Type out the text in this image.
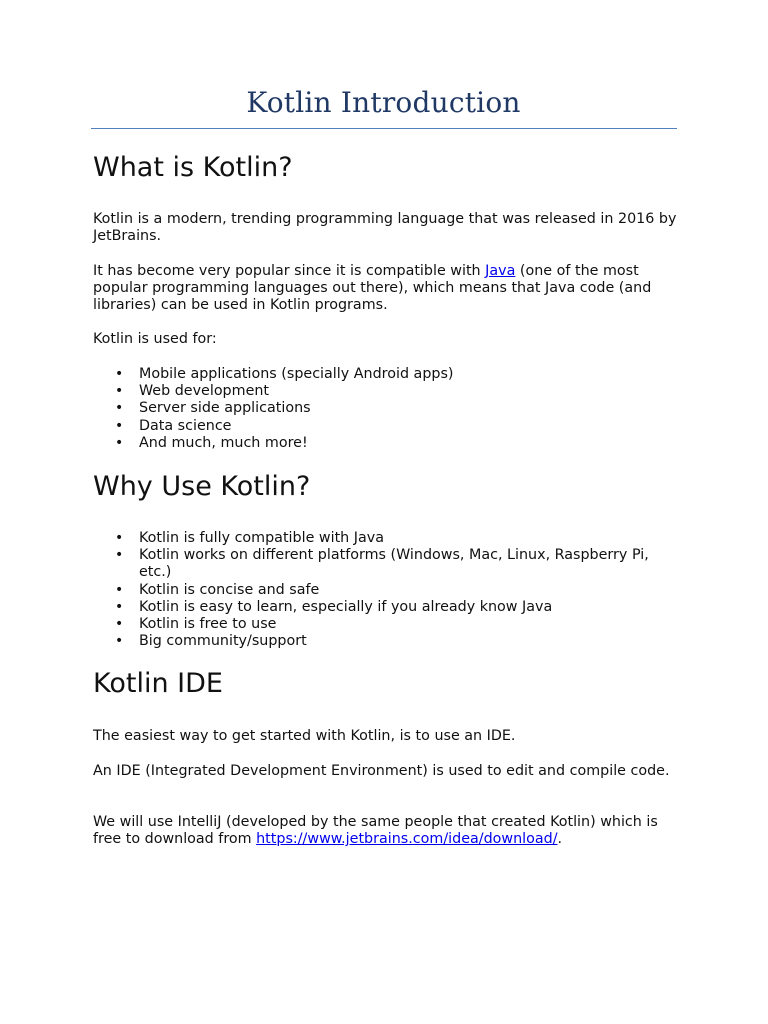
Kotlin Introduction
What is Kotlin?

Kotlin is a modern, trending programming language that was released in 2016 by JetBrains.

It has become very popular since it is compatible with Java (one of the most popular programming languages out there), which means that Java code (and libraries) can be used in Kotlin programs.

Kotlin is used for:

• Mobile applications (specially Android apps)
• Web development
• Server side applications
• Data science
• And much, much more!
Why Use Kotlin?
• Kotlin is fully compatible with Java
• Kotlin works on different platforms (Windows, Mac, Linux, Raspberry Pi, etc.)
• Kotlin is concise and safe
• Kotlin is easy to learn, especially if you already know Java
• Kotlin is free to use
• Big community/support
Kotlin IDE

The easiest way to get started with Kotlin, is to use an IDE.

An IDE (Integrated Development Environment) is used to edit and compile code.

We will use IntelliJ (developed by the same people that created Kotlin) which is free to download from https://www.jetbrains.com/idea/download/.
